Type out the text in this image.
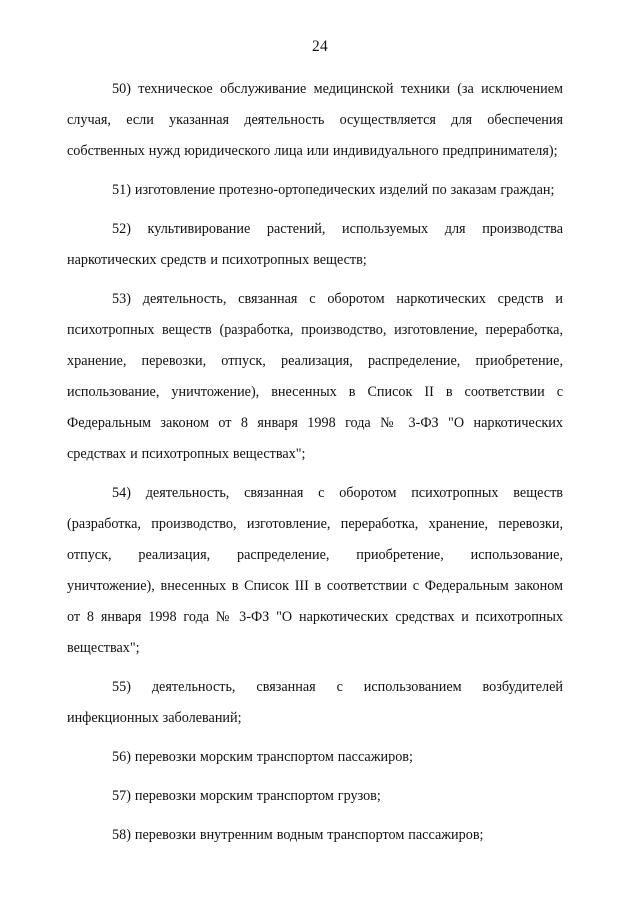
24

50) техническое обслуживание медицинской техники (за исключением случая, если указанная деятельность осуществляется для обеспечения собственных нужд юридического лица или индивидуального предпринимателя);

51) изготовление протезно-ортопедических изделий по заказам граждан;

52) культивирование растений, используемых для производства наркотических средств и психотропных веществ;

53) деятельность, связанная с оборотом наркотических средств и психотропных веществ (разработка, производство, изготовление, переработка, хранение, перевозки, отпуск, реализация, распределение, приобретение, использование, уничтожение), внесенных в Список II в соответствии с Федеральным законом от 8 января 1998 года № 3-ФЗ "О наркотических средствах и психотропных веществах";

54) деятельность, связанная с оборотом психотропных веществ (разработка, производство, изготовление, переработка, хранение, перевозки, отпуск, реализация, распределение, приобретение, использование, уничтожение), внесенных в Список III в соответствии с Федеральным законом от 8 января 1998 года № 3-ФЗ "О наркотических средствах и психотропных веществах";

55) деятельность, связанная с использованием возбудителей инфекционных заболеваний;

56) перевозки морским транспортом пассажиров;

57) перевозки морским транспортом грузов;

58) перевозки внутренним водным транспортом пассажиров;
